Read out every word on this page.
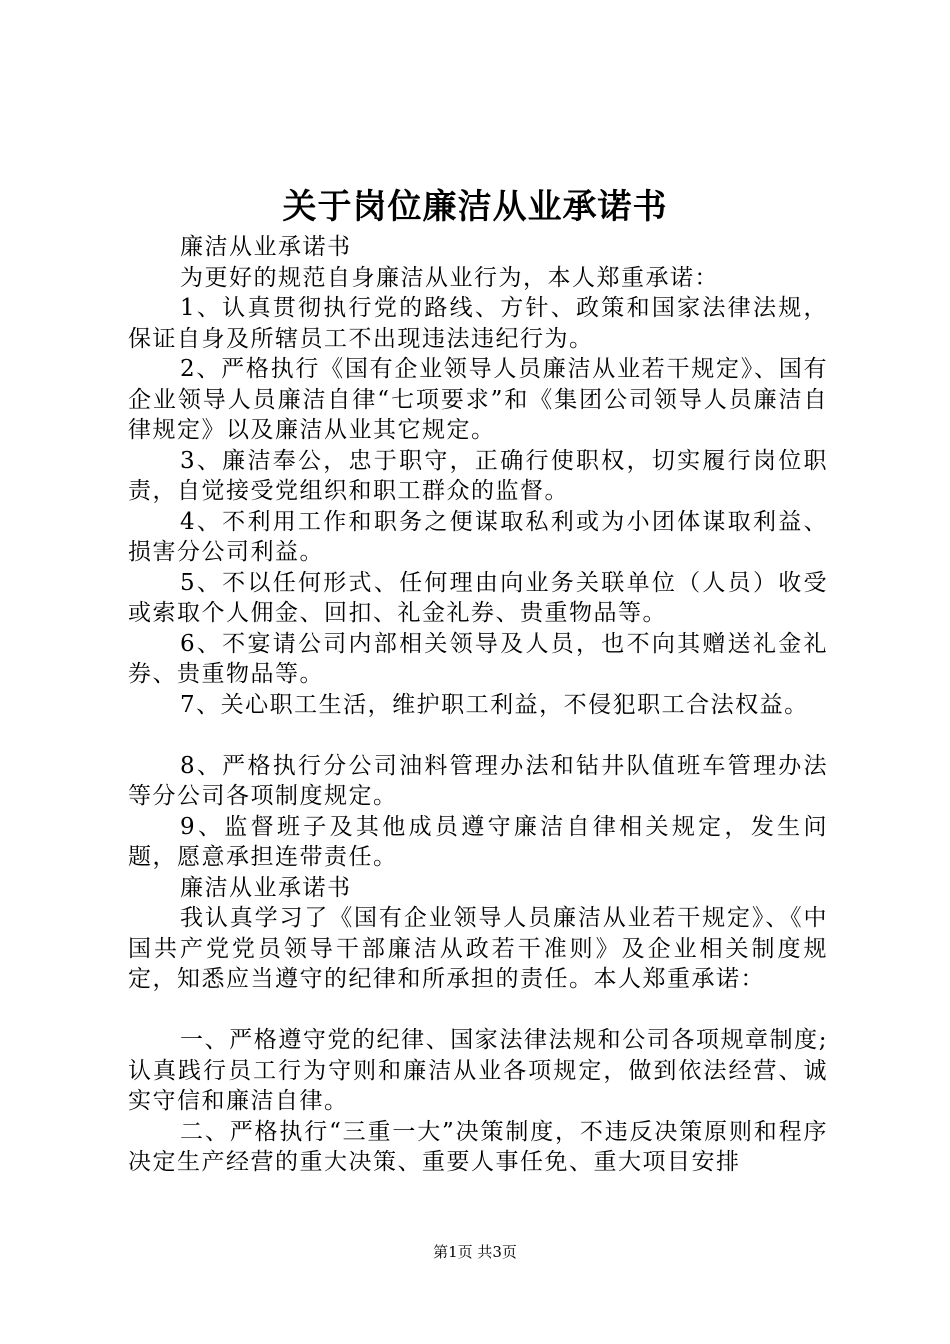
关于岗位廉洁从业承诺书

廉洁从业承诺书

为更好的规范自身廉洁从业行为，本人郑重承诺：

1、认真贯彻执行党的路线、方针、政策和国家法律法规，保证自身及所辖员工不出现违法违纪行为。

2、严格执行《国有企业领导人员廉洁从业若干规定》、国有企业领导人员廉洁自律“七项要求”和《集团公司领导人员廉洁自律规定》以及廉洁从业其它规定。

3、廉洁奉公，忠于职守，正确行使职权，切实履行岗位职责，自觉接受党组织和职工群众的监督。

4、不利用工作和职务之便谋取私利或为小团体谋取利益、损害分公司利益。

5、不以任何形式、任何理由向业务关联单位（人员）收受或索取个人佣金、回扣、礼金礼券、贵重物品等。

6、不宴请公司内部相关领导及人员，也不向其赠送礼金礼券、贵重物品等。

7、关心职工生活，维护职工利益，不侵犯职工合法权益。

8、严格执行分公司油料管理办法和钻井队值班车管理办法等分公司各项制度规定。

9、监督班子及其他成员遵守廉洁自律相关规定，发生问题，愿意承担连带责任。

廉洁从业承诺书

我认真学习了《国有企业领导人员廉洁从业若干规定》、《中国共产党党员领导干部廉洁从政若干准则》及企业相关制度规定，知悉应当遵守的纪律和所承担的责任。本人郑重承诺：

一、严格遵守党的纪律、国家法律法规和公司各项规章制度;认真践行员工行为守则和廉洁从业各项规定，做到依法经营、诚实守信和廉洁自律。

二、严格执行“三重一大”决策制度，不违反决策原则和程序决定生产经营的重大决策、重要人事任免、重大项目安排

第1页 共3页
